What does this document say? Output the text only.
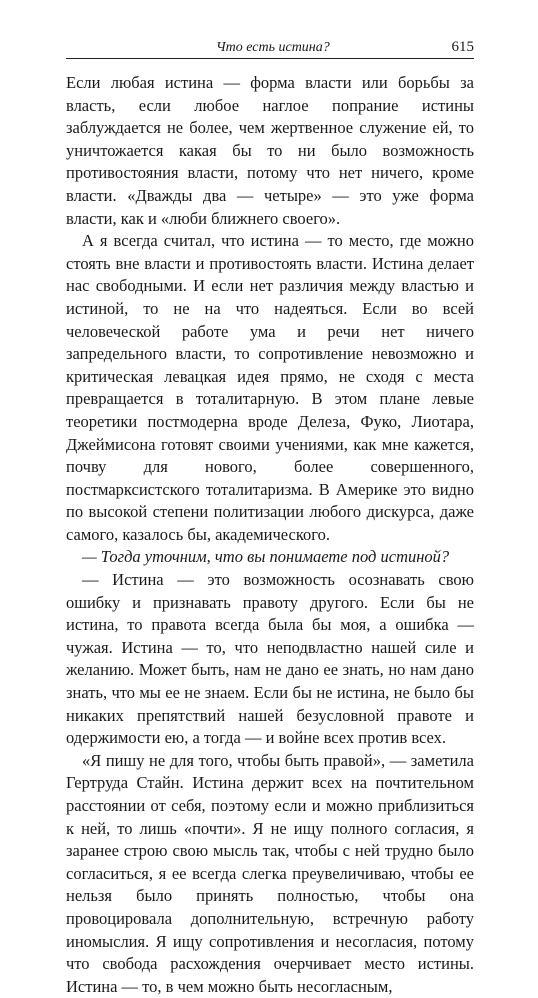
Что есть истина?	615

Если любая истина — форма власти или борьбы за власть, если любое наглое попрание истины заблуждается не более, чем жертвенное служение ей, то уничтожается какая бы то ни было возможность противостояния власти, потому что нет ничего, кроме власти. «Дважды два — четыре» — это уже форма власти, как и «люби ближнего своего».

А я всегда считал, что истина — то место, где можно стоять вне власти и противостоять власти. Истина делает нас свободными. И если нет различия между властью и истиной, то не на что надеяться. Если во всей человеческой работе ума и речи нет ничего запредельного власти, то сопротивление невозможно и критическая левацкая идея прямо, не сходя с места превращается в тоталитарную. В этом плане левые теоретики постмодерна вроде Делеза, Фуко, Лиотара, Джеймисона готовят своими учениями, как мне кажется, почву для нового, более совершенного, постмарксистского тоталитаризма. В Америке это видно по высокой степени политизации любого дискурса, даже самого, казалось бы, академического.

— Тогда уточним, что вы понимаете под истиной?

— Истина — это возможность осознавать свою ошибку и признавать правоту другого. Если бы не истина, то правота всегда была бы моя, а ошибка — чужая. Истина — то, что неподвластно нашей силе и желанию. Может быть, нам не дано ее знать, но нам дано знать, что мы ее не знаем. Если бы не истина, не было бы никаких препятствий нашей безусловной правоте и одержимости ею, а тогда — и войне всех против всех.

«Я пишу не для того, чтобы быть правой», — заметила Гертруда Стайн. Истина держит всех на почтительном расстоянии от себя, поэтому если и можно приблизиться к ней, то лишь «почти». Я не ищу полного согласия, я заранее строю свою мысль так, чтобы с ней трудно было согласиться, я ее всегда слегка преувеличиваю, чтобы ее нельзя было принять полностью, чтобы она провоцировала дополнительную, встречную работу иномыслия. Я ищу сопротивления и несогласия, потому что свобода расхождения очерчивает место истины. Истина — то, в чем можно быть несогласным,
